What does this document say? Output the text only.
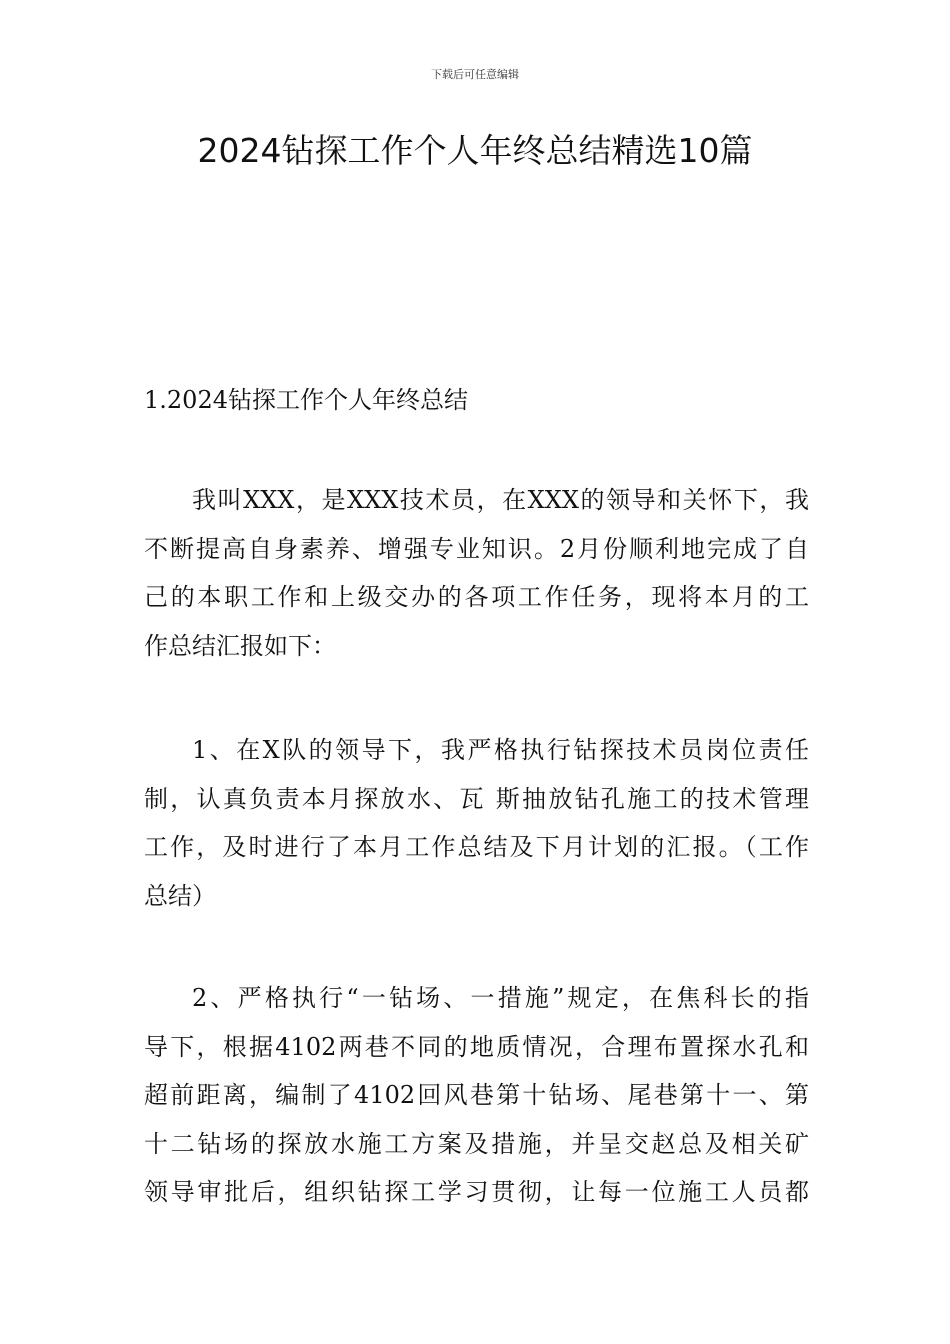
下载后可任意编辑
2024钻探工作个人年终总结精选10篇
1.2024钻探工作个人年终总结
我叫XXX，是XXX技术员，在XXX的领导和关怀下，我
不断提高自身素养、增强专业知识。2月份顺利地完成了自
己的本职工作和上级交办的各项工作任务，现将本月的工
作总结汇报如下：
1、在X队的领导下，我严格执行钻探技术员岗位责任
制，认真负责本月探放水、瓦 斯抽放钻孔施工的技术管理
工作，及时进行了本月工作总结及下月计划的汇报。（工作
总结）
2、严格执行“一钻场、一措施”规定，在焦科长的指
导下，根据4102两巷不同的地质情况，合理布置探水孔和
超前距离，编制了4102回风巷第十钻场、尾巷第十一、第
十二钻场的探放水施工方案及措施，并呈交赵总及相关矿
领导审批后，组织钻探工学习贯彻，让每一位施工人员都
